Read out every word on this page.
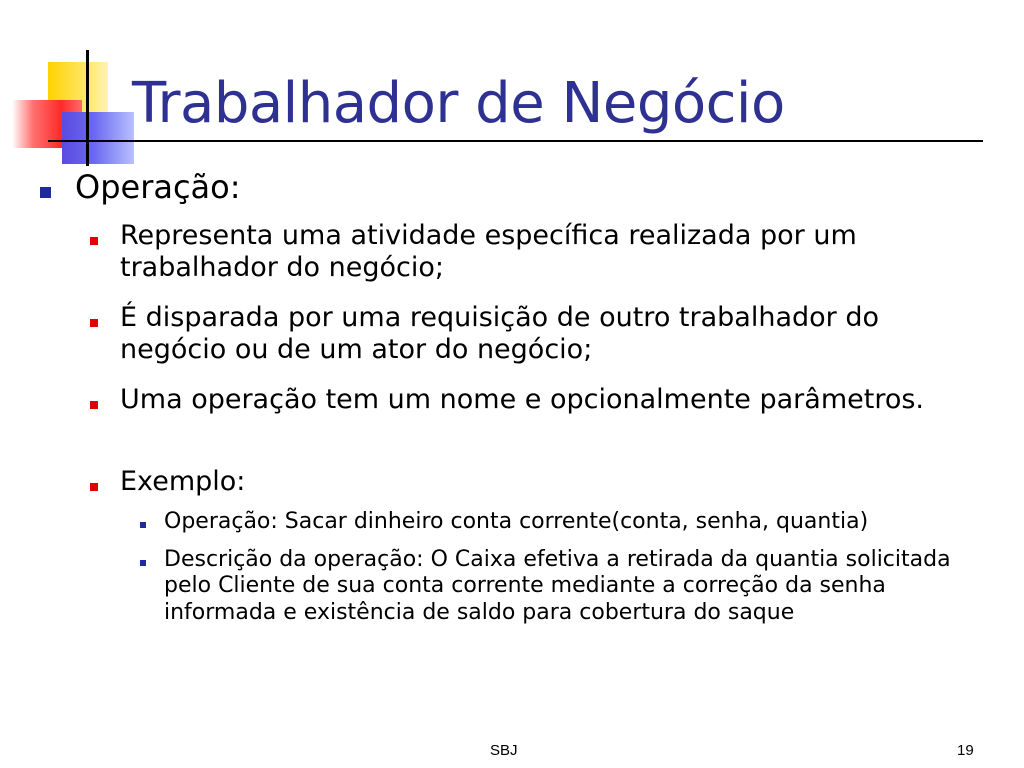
Trabalhador de Negócio
Operação:
Representa uma atividade específica realizada por um trabalhador do negócio;
É disparada por uma requisição de outro trabalhador do negócio ou de um ator do negócio;
Uma operação tem um nome e opcionalmente parâmetros.
Exemplo:
Operação: Sacar dinheiro conta corrente(conta, senha, quantia)
Descrição da operação: O Caixa efetiva a retirada da quantia solicitada pelo Cliente de sua conta corrente mediante a correção da senha informada e existência de saldo para cobertura do saque
SBJ	19
